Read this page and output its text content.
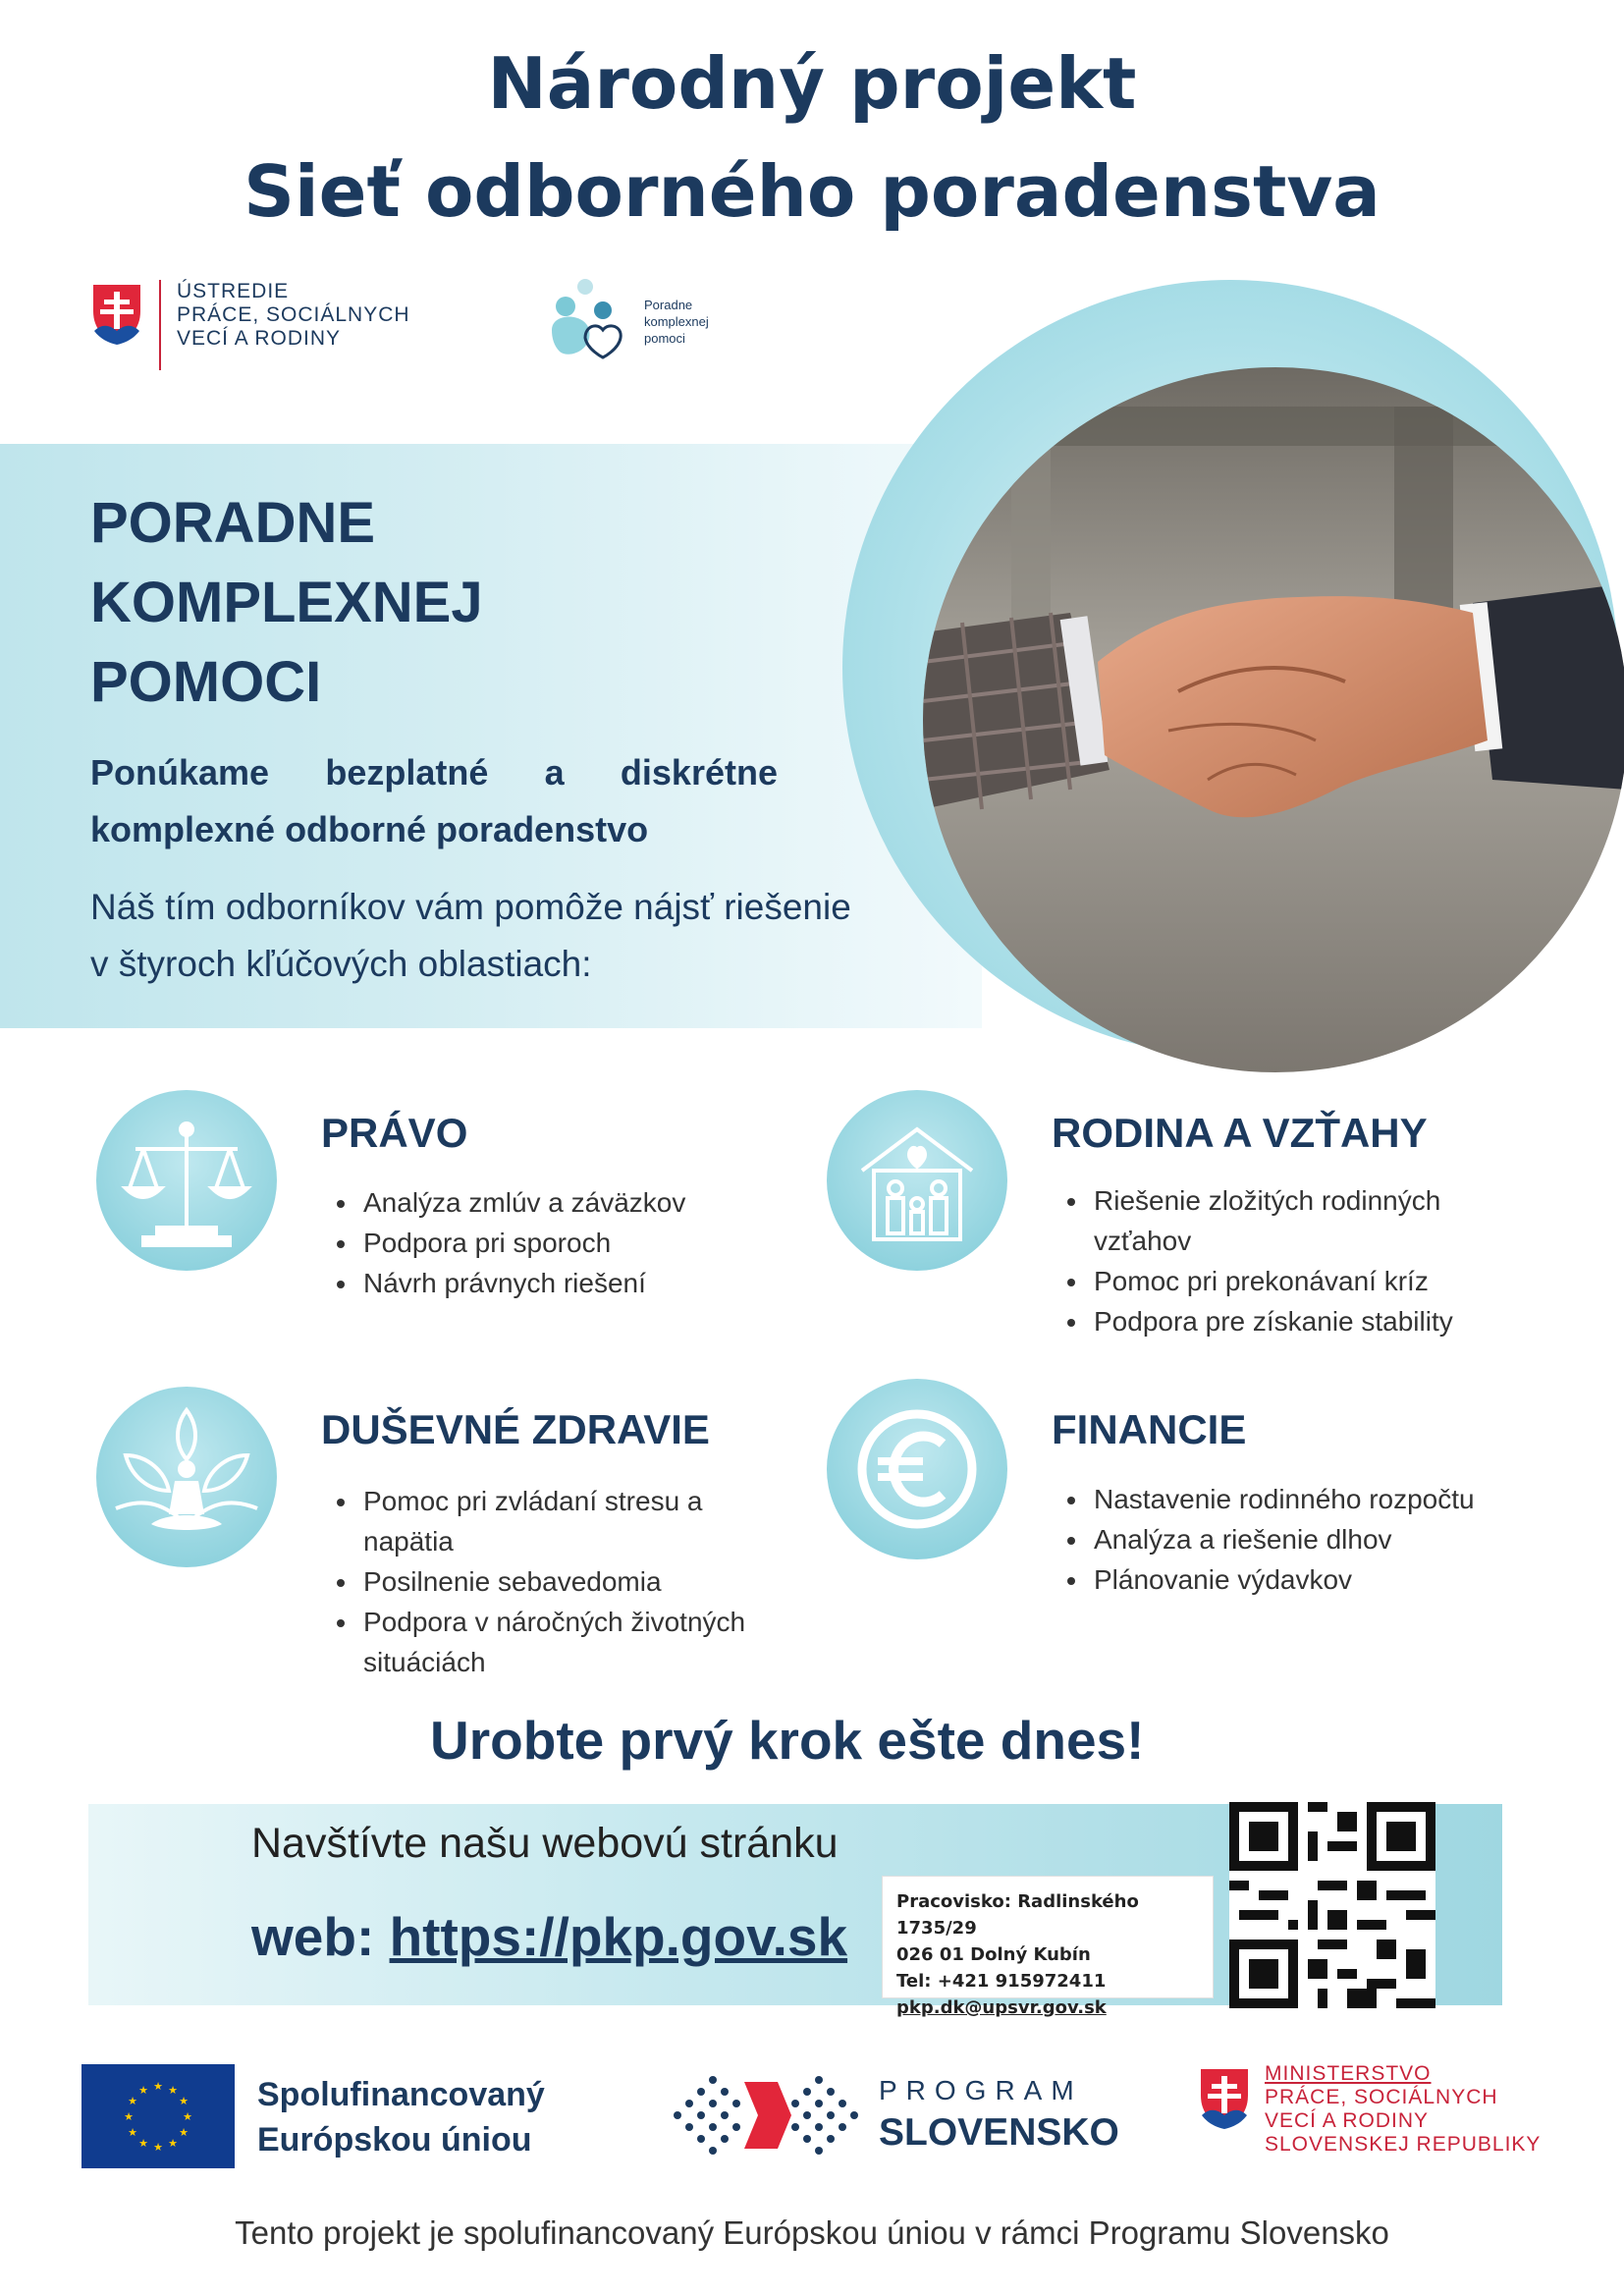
Národný projekt
Sieť odborného poradenstva
ÚSTREDIE
PRÁCE, SOCIÁLNYCH
VECÍ A RODINY
Poradne
komplexnej
pomoci
PORADNE
KOMPLEXNEJ
POMOCI
Ponúkame bezplatné a diskrétne komplexné odborné poradenstvo
Náš tím odborníkov vám pomôže nájsť riešenie v štyroch kľúčových oblastiach:
PRÁVO
• Analýza zmlúv a záväzkov
• Podpora pri sporoch
• Návrh právnych riešení
RODINA A VZŤAHY
• Riešenie zložitých rodinných vzťahov
• Pomoc pri prekonávaní kríz
• Podpora pre získanie stability
DUŠEVNÉ ZDRAVIE
• Pomoc pri zvládaní stresu a napätia
• Posilnenie sebavedomia
• Podpora v náročných životných situáciách
FINANCIE
• Nastavenie rodinného rozpočtu
• Analýza a riešenie dlhov
• Plánovanie výdavkov
Urobte prvý krok ešte dnes!
Navštívte našu webovú stránku
web: https://pkp.gov.sk
Pracovisko: Radlinského 1735/29
026 01 Dolný Kubín
Tel: +421 915972411
pkp.dk@upsvr.gov.sk
★ ★
★
★
★
★
★
★
★
★
★
★	Spolufinancovaný
Európskou úniou
PROGRAM
SLOVENSKO
MINISTERSTVO
PRÁCE, SOCIÁLNYCH
VECÍ A RODINY
SLOVENSKEJ REPUBLIKY
Tento projekt je spolufinancovaný Európskou úniou v rámci Programu Slovensko
